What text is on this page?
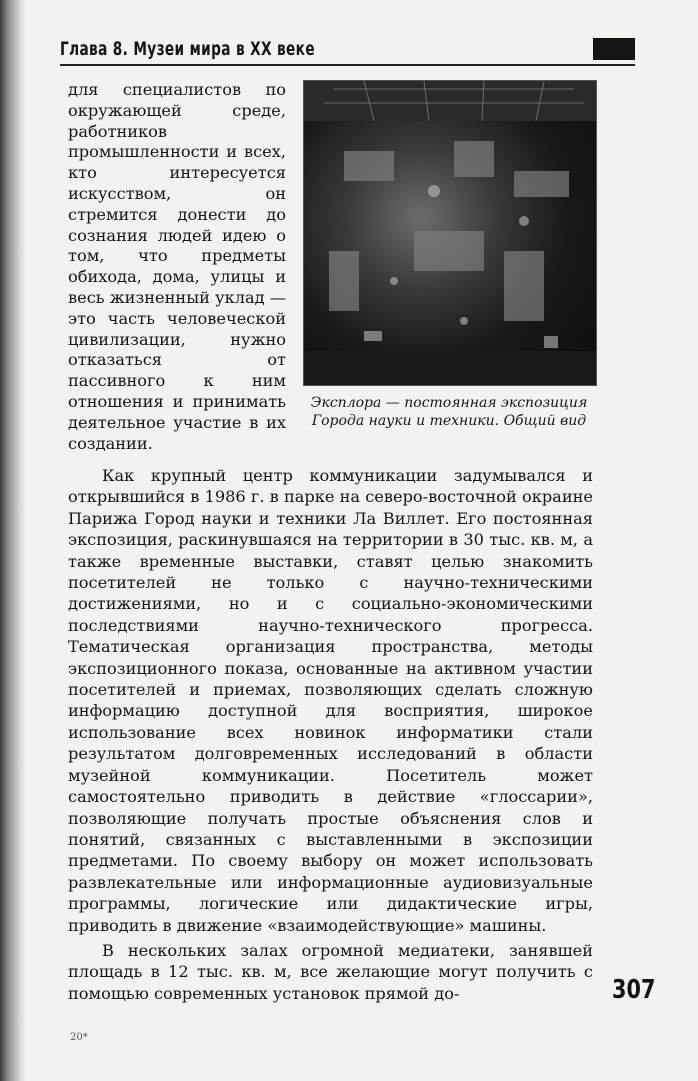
Глава 8. Музеи мира в XX веке
для специалистов по окружающей среде, работников промышленности и всех, кто интересуется искусством, он стремится донести до сознания людей идею о том, что предметы обихода, дома, улицы и весь жизненный уклад — это часть человеческой цивилизации, нужно отказаться от пассивного к ним отношения и принимать деятельное участие в их создании.
Эксплора — постоянная экспозиция Города науки и техники. Общий вид

Как крупный центр коммуникации задумывался и открывшийся в 1986 г. в парке на северо-восточной окраине Парижа Город науки и техники Ла Виллет. Его постоянная экспозиция, раскинувшаяся на территории в 30 тыс. кв. м, а также временные выставки, ставят целью знакомить посетителей не только с научно-техническими достижениями, но и с социально-экономическими последствиями научно-технического прогресса. Тематическая организация пространства, методы экспозиционного показа, основанные на активном участии посетителей и приемах, позволяющих сделать сложную информацию доступной для восприятия, широкое использование всех новинок информатики стали результатом долговременных исследований в области музейной коммуникации. Посетитель может самостоятельно приводить в действие «глоссарии», позволяющие получать простые объяснения слов и понятий, связанных с выставленными в экспозиции предметами. По своему выбору он может использовать развлекательные или информационные аудиовизуальные программы, логические или дидактические игры, приводить в движение «взаимодействующие» машины.

В нескольких залах огромной медиатеки, занявшей площадь в 12 тыс. кв. м, все желающие могут получить с помощью современных установок прямой до-	307
20*
